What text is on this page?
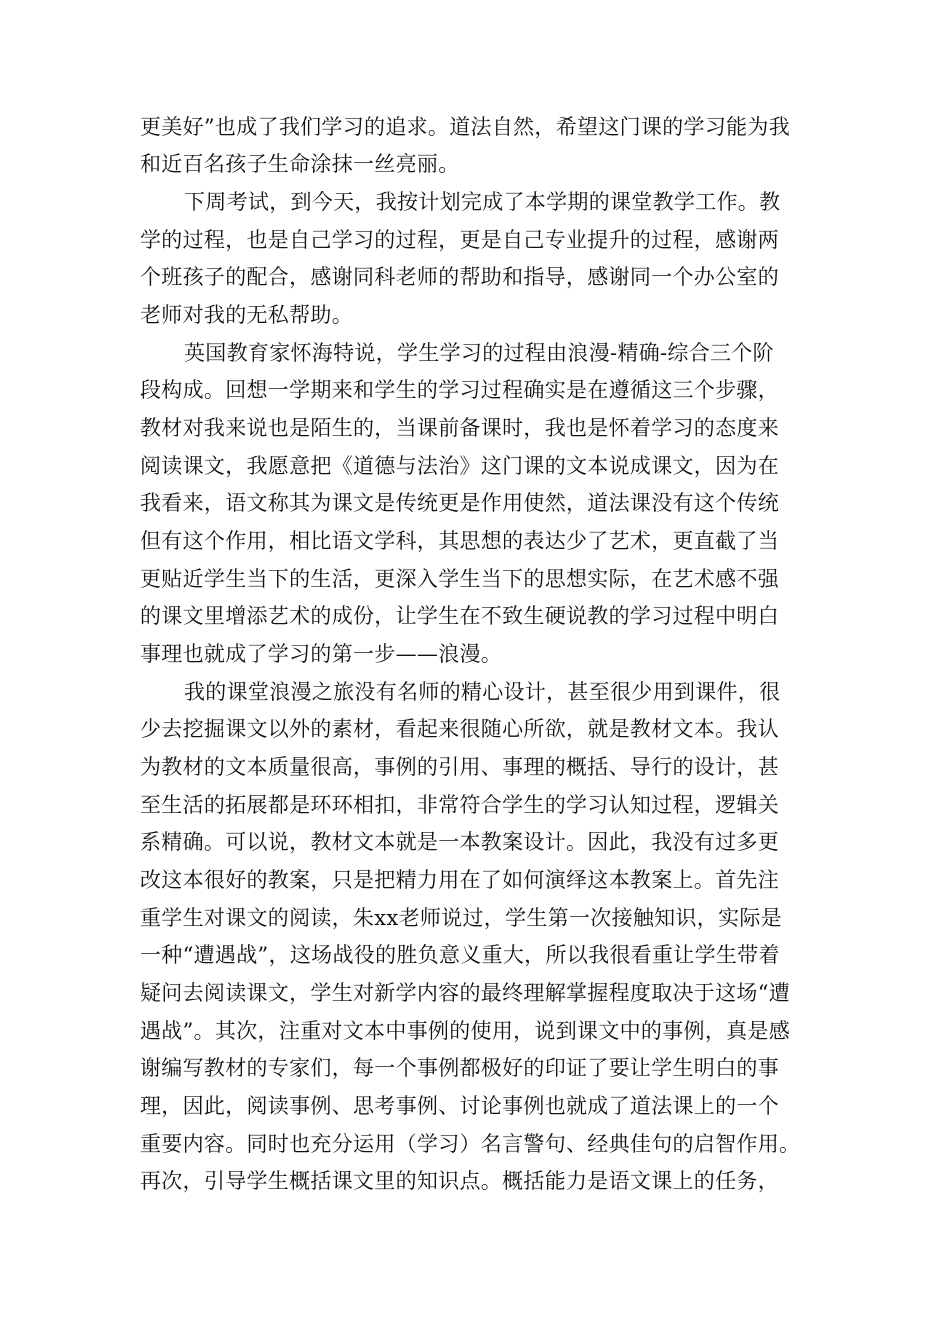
更美好”也成了我们学习的追求。道法自然，希望这门课的学习能为我
和近百名孩子生命涂抹一丝亮丽。
下周考试，到今天，我按计划完成了本学期的课堂教学工作。教
学的过程，也是自己学习的过程，更是自己专业提升的过程，感谢两
个班孩子的配合，感谢同科老师的帮助和指导，感谢同一个办公室的
老师对我的无私帮助。
英国教育家怀海特说，学生学习的过程由浪漫-精确-综合三个阶
段构成。回想一学期来和学生的学习过程确实是在遵循这三个步骤，
教材对我来说也是陌生的，当课前备课时，我也是怀着学习的态度来
阅读课文，我愿意把《道德与法治》这门课的文本说成课文，因为在
我看来，语文称其为课文是传统更是作用使然，道法课没有这个传统
但有这个作用，相比语文学科，其思想的表达少了艺术，更直截了当
更贴近学生当下的生活，更深入学生当下的思想实际，在艺术感不强
的课文里增添艺术的成份，让学生在不致生硬说教的学习过程中明白
事理也就成了学习的第一步——浪漫。
我的课堂浪漫之旅没有名师的精心设计，甚至很少用到课件，很
少去挖掘课文以外的素材，看起来很随心所欲，就是教材文本。我认
为教材的文本质量很高，事例的引用、事理的概括、导行的设计，甚
至生活的拓展都是环环相扣，非常符合学生的学习认知过程，逻辑关
系精确。可以说，教材文本就是一本教案设计。因此，我没有过多更
改这本很好的教案，只是把精力用在了如何演绎这本教案上。首先注
重学生对课文的阅读，朱xx老师说过，学生第一次接触知识，实际是
一种“遭遇战”，这场战役的胜负意义重大，所以我很看重让学生带着
疑问去阅读课文，学生对新学内容的最终理解掌握程度取决于这场“遭
遇战”。其次，注重对文本中事例的使用，说到课文中的事例，真是感
谢编写教材的专家们，每一个事例都极好的印证了要让学生明白的事
理，因此，阅读事例、思考事例、讨论事例也就成了道法课上的一个
重要内容。同时也充分运用（学习）名言警句、经典佳句的启智作用。
再次，引导学生概括课文里的知识点。概括能力是语文课上的任务，
